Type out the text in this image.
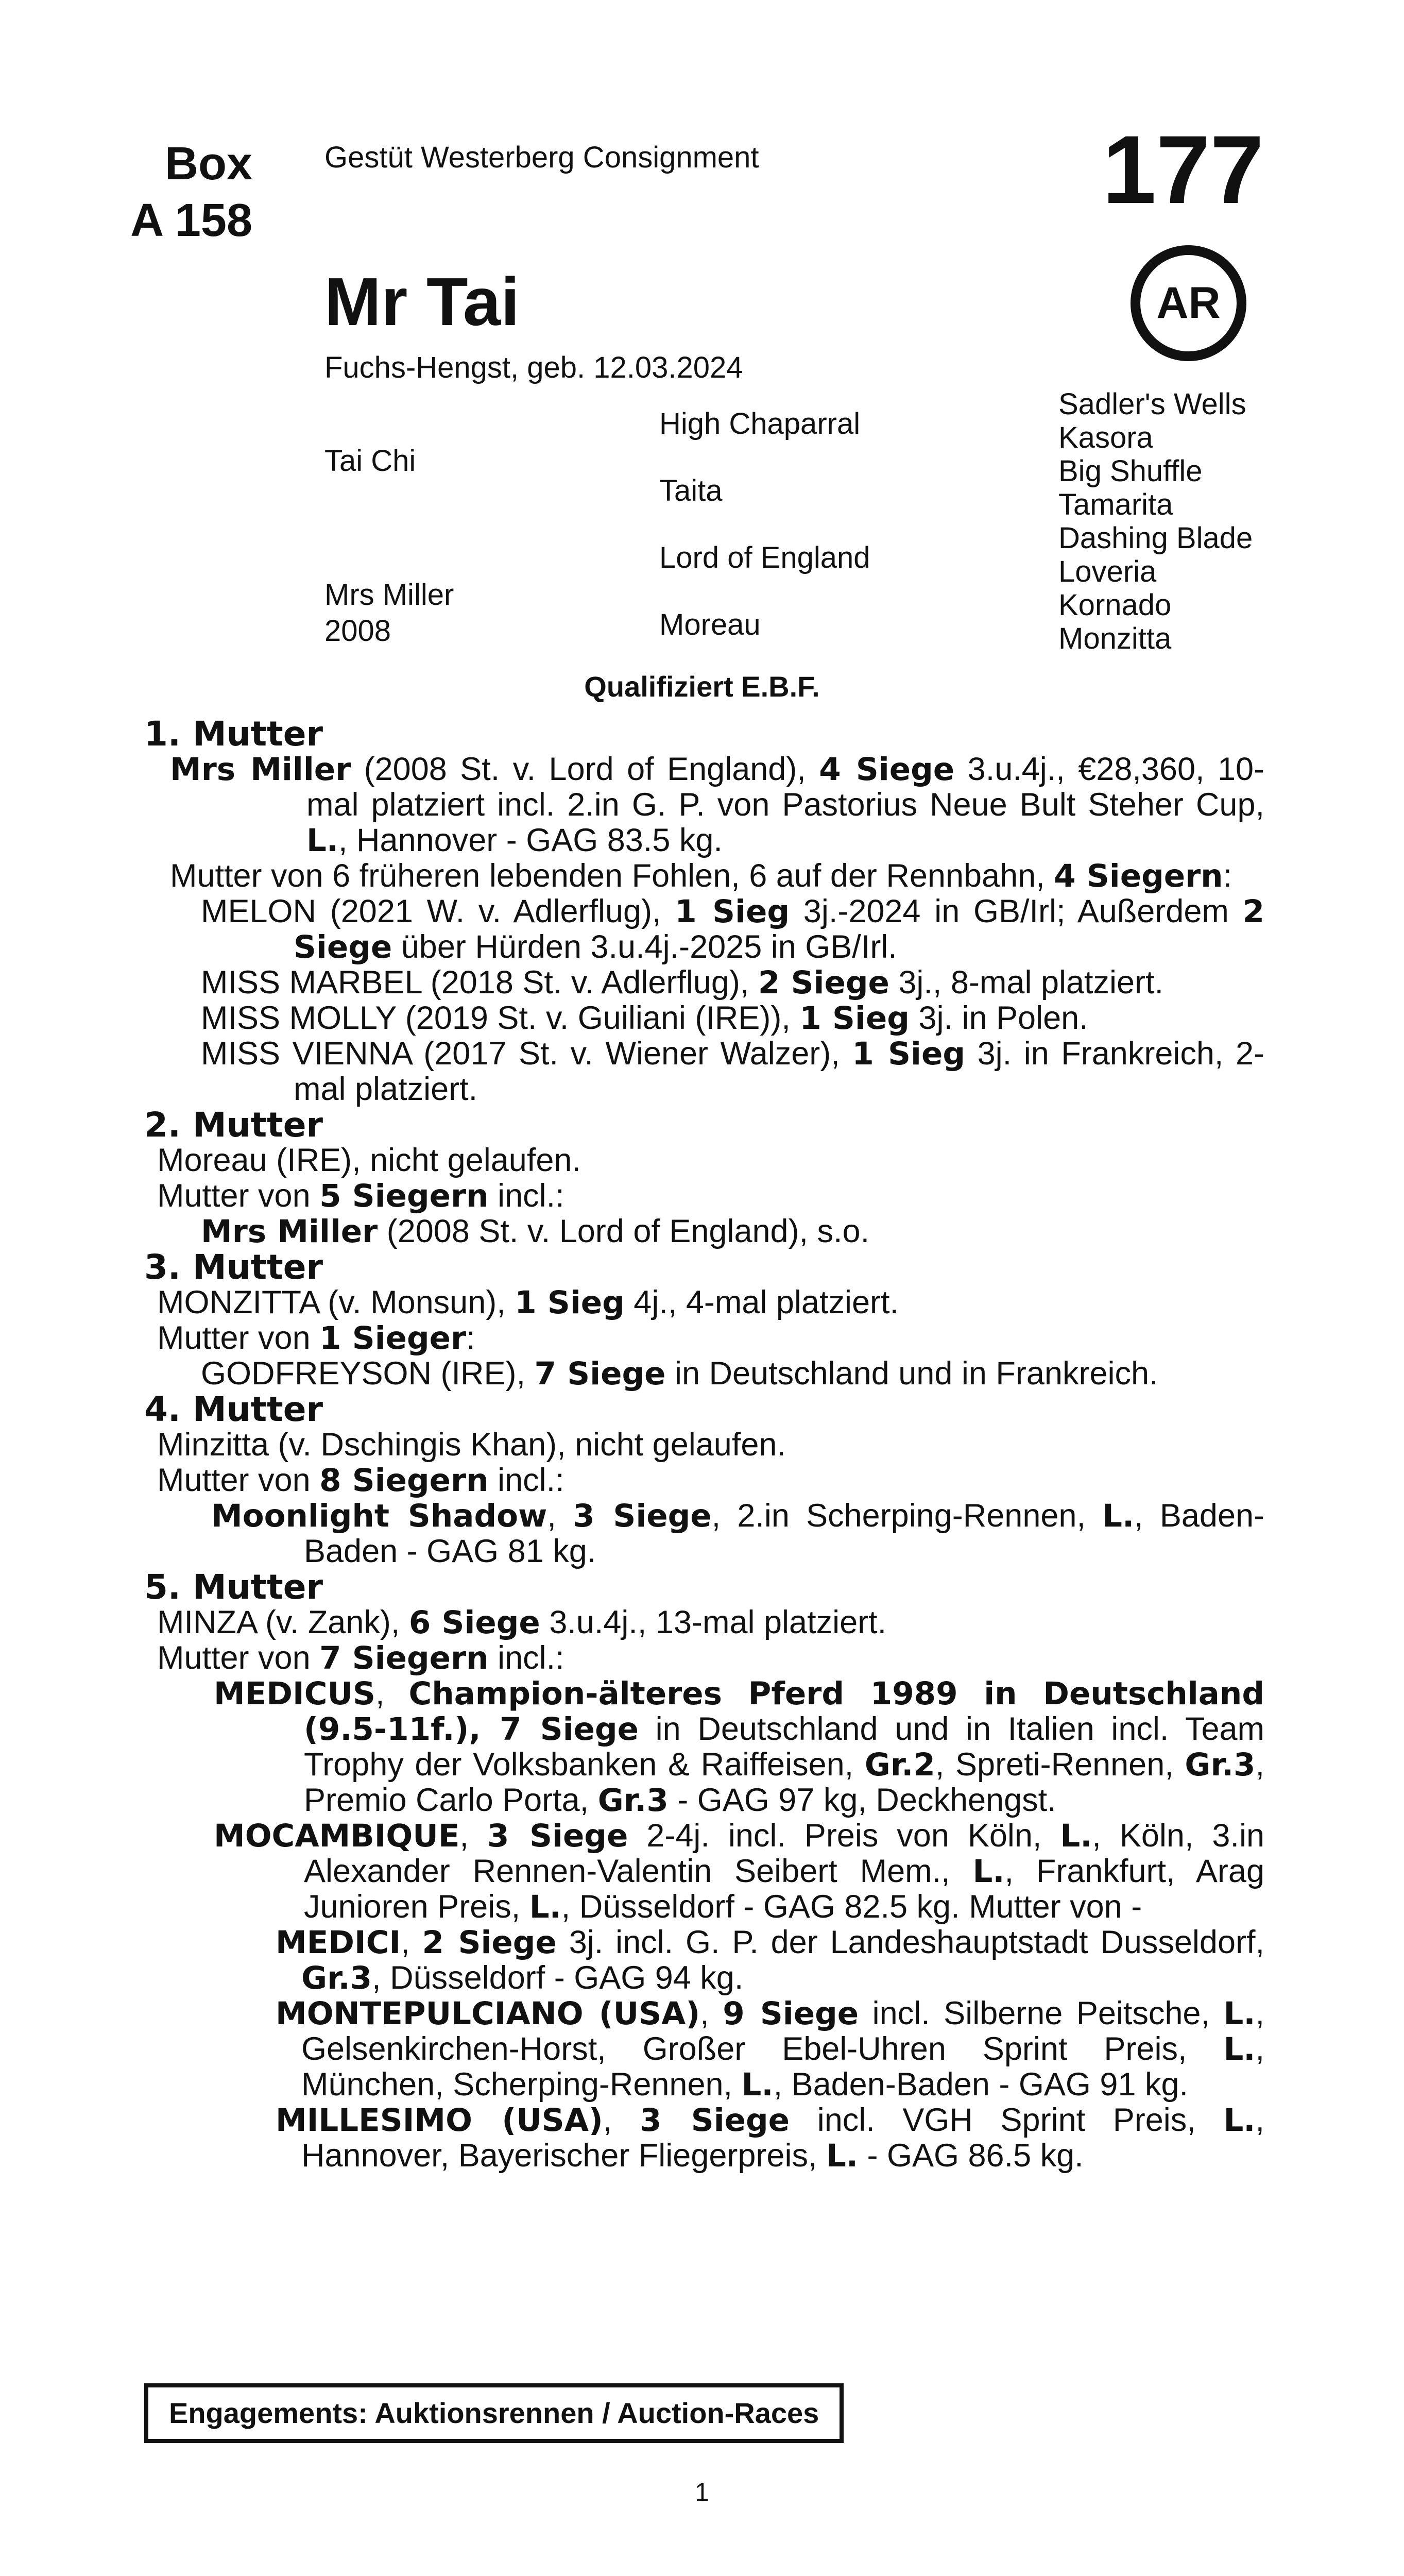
Box
A 158
Gestüt Westerberg Consignment	177
AR
Mr Tai
Fuchs-Hengst, geb. 12.03.2024
Tai Chi
Mrs Miller
2008
High Chaparral
Taita
Lord of England
Moreau
Sadler's Wells
Kasora
Big Shuffle
Tamarita
Dashing Blade
Loveria
Kornado
Monzitta
Qualifiziert E.B.F.
1. Mutter

Mrs Miller (2008 St. v. Lord of England), 4 Siege 3.u.4j., €28,360, 10-mal platziert incl. 2.in G. P. von Pastorius Neue Bult Steher Cup, L., Hannover - GAG 83.5 kg.

Mutter von 6 früheren lebenden Fohlen, 6 auf der Rennbahn, 4 Siegern:

MELON (2021 W. v. Adlerflug), 1 Sieg 3j.-2024 in GB/Irl; Außerdem 2 Siege über Hürden 3.u.4j.-2025 in GB/Irl.

MISS MARBEL (2018 St. v. Adlerflug), 2 Siege 3j., 8-mal platziert.

MISS MOLLY (2019 St. v. Guiliani (IRE)), 1 Sieg 3j. in Polen.

MISS VIENNA (2017 St. v. Wiener Walzer), 1 Sieg 3j. in Frankreich, 2-mal platziert.

2. Mutter

Moreau (IRE), nicht gelaufen.

Mutter von 5 Siegern incl.:

Mrs Miller (2008 St. v. Lord of England), s.o.

3. Mutter

MONZITTA (v. Monsun), 1 Sieg 4j., 4-mal platziert.

Mutter von 1 Sieger:

GODFREYSON (IRE), 7 Siege in Deutschland und in Frankreich.

4. Mutter

Minzitta (v. Dschingis Khan), nicht gelaufen.

Mutter von 8 Siegern incl.:

Moonlight Shadow, 3 Siege, 2.in Scherping-Rennen, L., Baden-Baden - GAG 81 kg.

5. Mutter

MINZA (v. Zank), 6 Siege 3.u.4j., 13-mal platziert.

Mutter von 7 Siegern incl.:

MEDICUS, Champion-älteres Pferd 1989 in Deutschland (9.5-11f.), 7 Siege in Deutschland und in Italien incl. Team Trophy der Volksbanken & Raiffeisen, Gr.2, Spreti-Rennen, Gr.3, Premio Carlo Porta, Gr.3 - GAG 97 kg, Deckhengst.

MOCAMBIQUE, 3 Siege 2-4j. incl. Preis von Köln, L., Köln, 3.in Alexander Rennen-Valentin Seibert Mem., L., Frankfurt, Arag Junioren Preis, L., Düsseldorf - GAG 82.5 kg. Mutter von -

MEDICI, 2 Siege 3j. incl. G. P. der Landeshauptstadt Dusseldorf, Gr.3, Düsseldorf - GAG 94 kg.

MONTEPULCIANO (USA), 9 Siege incl. Silberne Peitsche, L., Gelsenkirchen-Horst, Großer Ebel-Uhren Sprint Preis, L., München, Scherping-Rennen, L., Baden-Baden - GAG 91 kg.

MILLESIMO (USA), 3 Siege incl. VGH Sprint Preis, L., Hannover, Bayerischer Fliegerpreis, L. - GAG 86.5 kg.

Engagements: Auktionsrennen / Auction-Races
1
